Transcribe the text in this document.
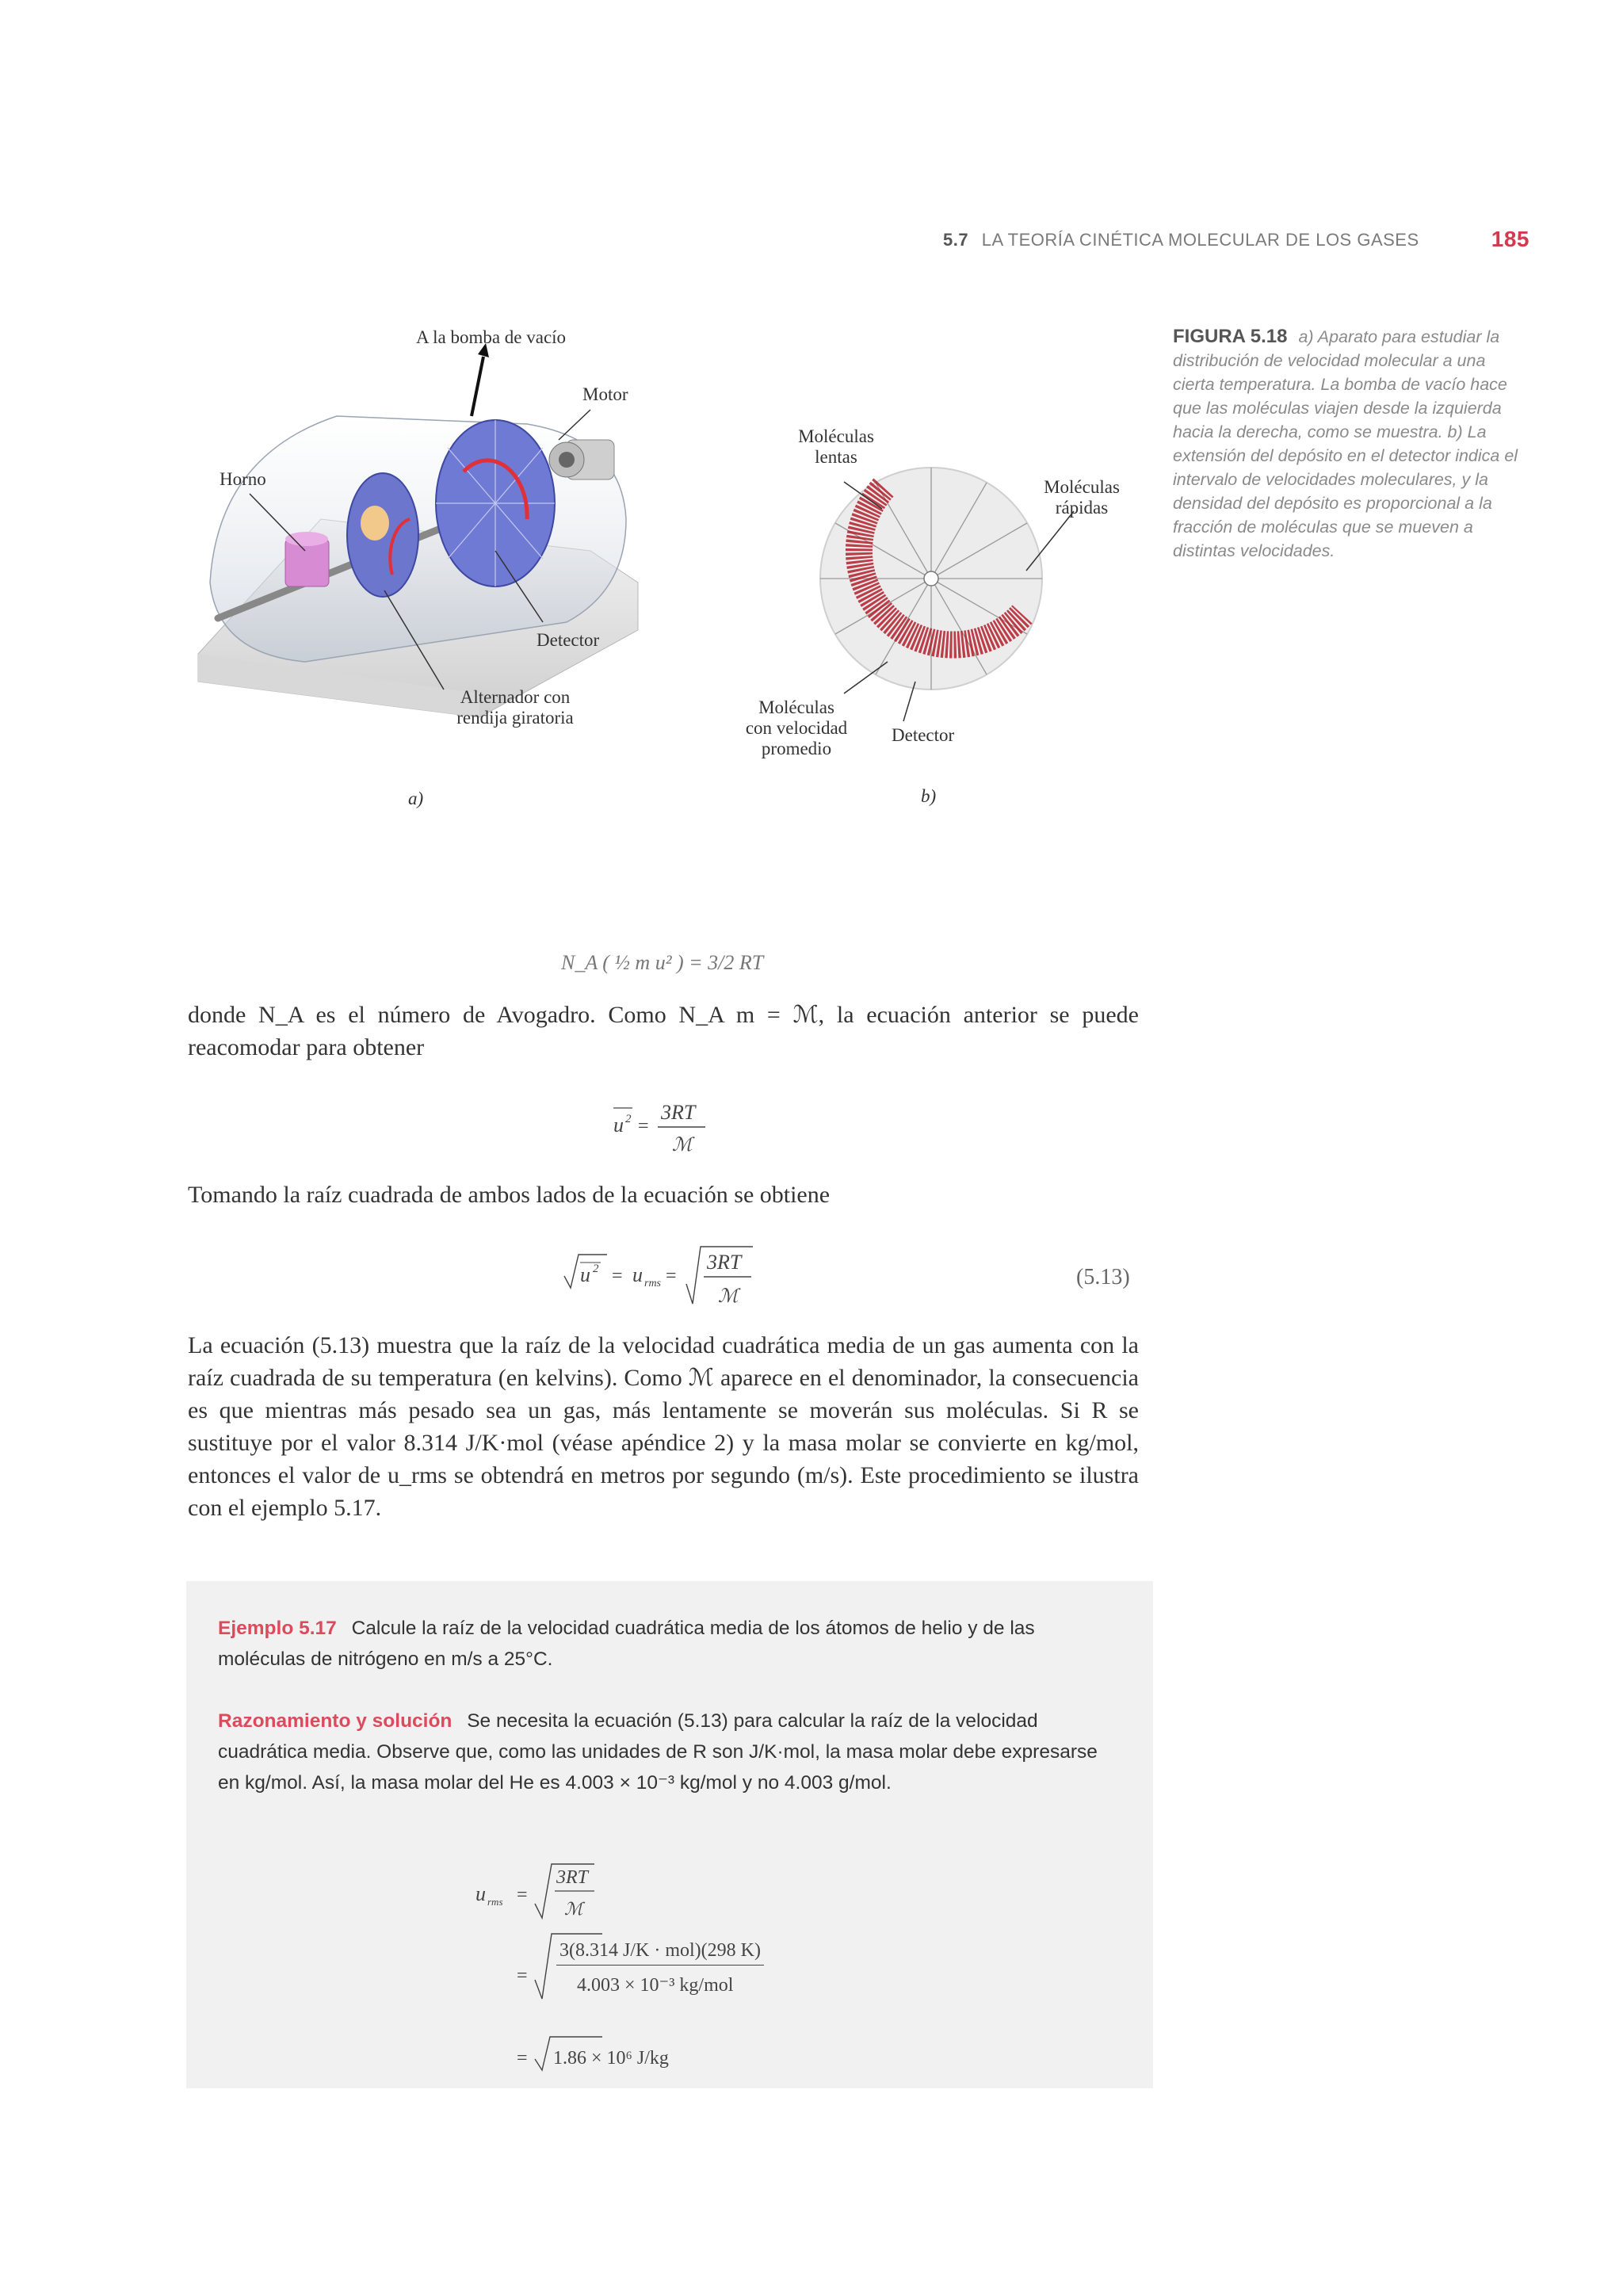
5.7 LA TEORÍA CINÉTICA MOLECULAR DE LOS GASES	185
A la bomba de vacío
Motor
Horno
Detector
Alternador con
rendija giratoria
a)
Moléculas
lentas
Moléculas
rápidas
Moléculas
con velocidad
promedio
Detector
b)
FIGURA 5.18 a) Aparato para estudiar la distribución de velocidad molecular a una cierta temperatura. La bomba de vacío hace que las moléculas viajen desde la izquierda hacia la derecha, como se muestra. b) La extensión del depósito en el detector indica el intervalo de velocidades moleculares, y la densidad del depósito es proporcional a la fracción de moléculas que se mueven a distintas velocidades.
N_A ( ½ m u² ) = 3/2 RT
donde N_A es el número de Avogadro. Como N_A m = ℳ, la ecuación anterior se puede reacomodar para obtener
u 2 =
3RT
ℳ
Tomando la raíz cuadrada de ambos lados de la ecuación se obtiene
u 2 = u rms =
3RT
ℳ
(5.13)
La ecuación (5.13) muestra que la raíz de la velocidad cuadrática media de un gas aumenta con la raíz cuadrada de su temperatura (en kelvins). Como ℳ aparece en el denominador, la consecuencia es que mientras más pesado sea un gas, más lentamente se moverán sus moléculas. Si R se sustituye por el valor 8.314 J/K·mol (véase apéndice 2) y la masa molar se convierte en kg/mol, entonces el valor de u_rms se obtendrá en metros por segundo (m/s). Este procedimiento se ilustra con el ejemplo 5.17.
Ejemplo 5.17 Calcule la raíz de la velocidad cuadrática media de los átomos de helio y de las moléculas de nitrógeno en m/s a 25°C.
Razonamiento y solución Se necesita la ecuación (5.13) para calcular la raíz de la velocidad cuadrática media. Observe que, como las unidades de R son J/K·mol, la masa molar debe expresarse en kg/mol. Así, la masa molar del He es 4.003 × 10⁻³ kg/mol y no 4.003 g/mol.
u rms =
3RT
ℳ
=
=
3(8.314 J/K · mol)(298 K)
4.003 × 10⁻³ kg/mol
1.86 × 10⁶ J/kg
